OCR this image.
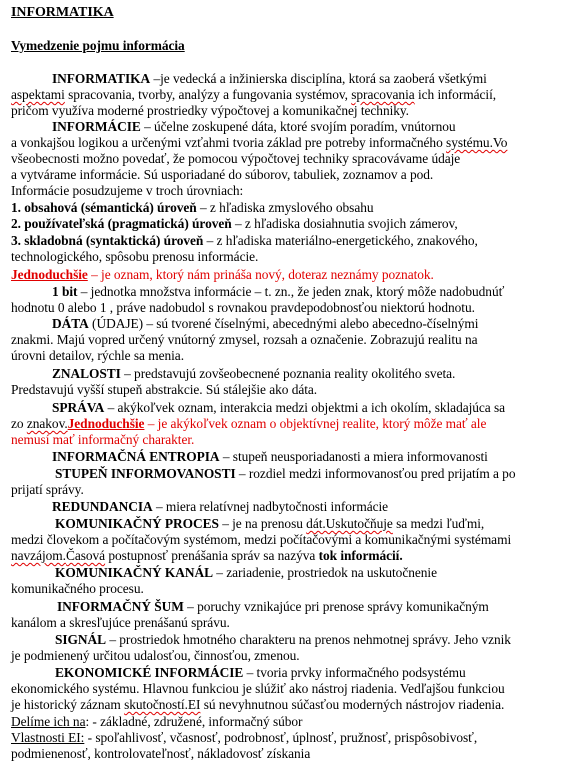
INFORMATIKA
Vymedzenie pojmu informácia
INFORMATIKA –je vedecká a inžinierska disciplína, ktorá sa zaoberá všetkými
aspektami spracovania, tvorby, analýzy a fungovania systémov, spracovania ich informácií,
pričom využíva moderné prostriedky výpočtovej a komunikačnej techniky.
INFORMÁCIE – účelne zoskupené dáta, ktoré svojím poradím, vnútornou
a vonkajšou logikou a určenými vzťahmi tvoria základ pre potreby informačného systému.Vo
všeobecnosti možno povedať, že pomocou výpočtovej techniky spracovávame údaje
a vytvárame informácie. Sú usporiadané do súborov, tabuliek, zoznamov a pod.
Informácie posudzujeme v troch úrovniach:
1. obsahová (sémantická) úroveň – z hľadiska zmyslového obsahu
2. používateľská (pragmatická) úroveň – z hľadiska dosiahnutia svojich zámerov,
3. skladobná (syntaktická) úroveň – z hľadiska materiálno-energetického, znakového,
technologického, spôsobu prenosu informácie.
Jednoduchšie – je oznam, ktorý nám prináša nový, doteraz neznámy poznatok.
1 bit – jednotka množstva informácie – t. zn., že jeden znak, ktorý môže nadobudnúť
hodnotu 0 alebo 1 , práve nadobudol s rovnakou pravdepodobnosťou niektorú hodnotu.
DÁTA (ÚDAJE) – sú tvorené číselnými, abecednými alebo abecedno-číselnými
znakmi. Majú vopred určený vnútorný zmysel, rozsah a označenie. Zobrazujú realitu na
úrovni detailov, rýchle sa menia.
ZNALOSTI – predstavujú zovšeobecnené poznania reality okolitého sveta.
Predstavujú vyšší stupeň abstrakcie. Sú stálejšie ako dáta.
SPRÁVA – akýkoľvek oznam, interakcia medzi objektmi a ich okolím, skladajúca sa
zo znakov.Jednoduchšie – je akýkoľvek oznam o objektívnej realite, ktorý môže mať ale
nemusí mať informačný charakter.
INFORMAČNÁ ENTROPIA – stupeň neusporiadanosti a miera informovanosti
STUPEŇ INFORMOVANOSTI – rozdiel medzi informovanosťou pred prijatím a po
prijatí správy.
REDUNDANCIA – miera relatívnej nadbytočnosti informácie
KOMUNIKAČNÝ PROCES – je na prenosu dát.Uskutočňuje sa medzi ľuďmi,
medzi človekom a počítačovým systémom, medzi počítačovými a komunikačnými systémami
navzájom.Časová postupnosť prenášania správ sa nazýva tok informácií.
KOMUNIKAČNÝ KANÁL – zariadenie, prostriedok na uskutočnenie
komunikačného procesu.
INFORMAČNÝ ŠUM – poruchy vznikajúce pri prenose správy komunikačným
kanálom a skresľujúce prenášanú správu.
SIGNÁL – prostriedok hmotného charakteru na prenos nehmotnej správy. Jeho vznik
je podmienený určitou udalosťou, činnosťou, zmenou.
EKONOMICKÉ INFORMÁCIE – tvoria prvky informačného podsystému
ekonomického systému. Hlavnou funkciou je slúžiť ako nástroj riadenia. Vedľajšou funkciou
je historický záznam skutočností.EI sú nevyhnutnou súčasťou moderných nástrojov riadenia.
Delíme ich na: - základné, združené, informačný súbor
Vlastnosti EI: - spoľahlivosť, včasnosť, podrobnosť, úplnosť, pružnosť, prispôsobivosť,
podmienenosť, kontrolovateľnosť, nákladovosť získania
